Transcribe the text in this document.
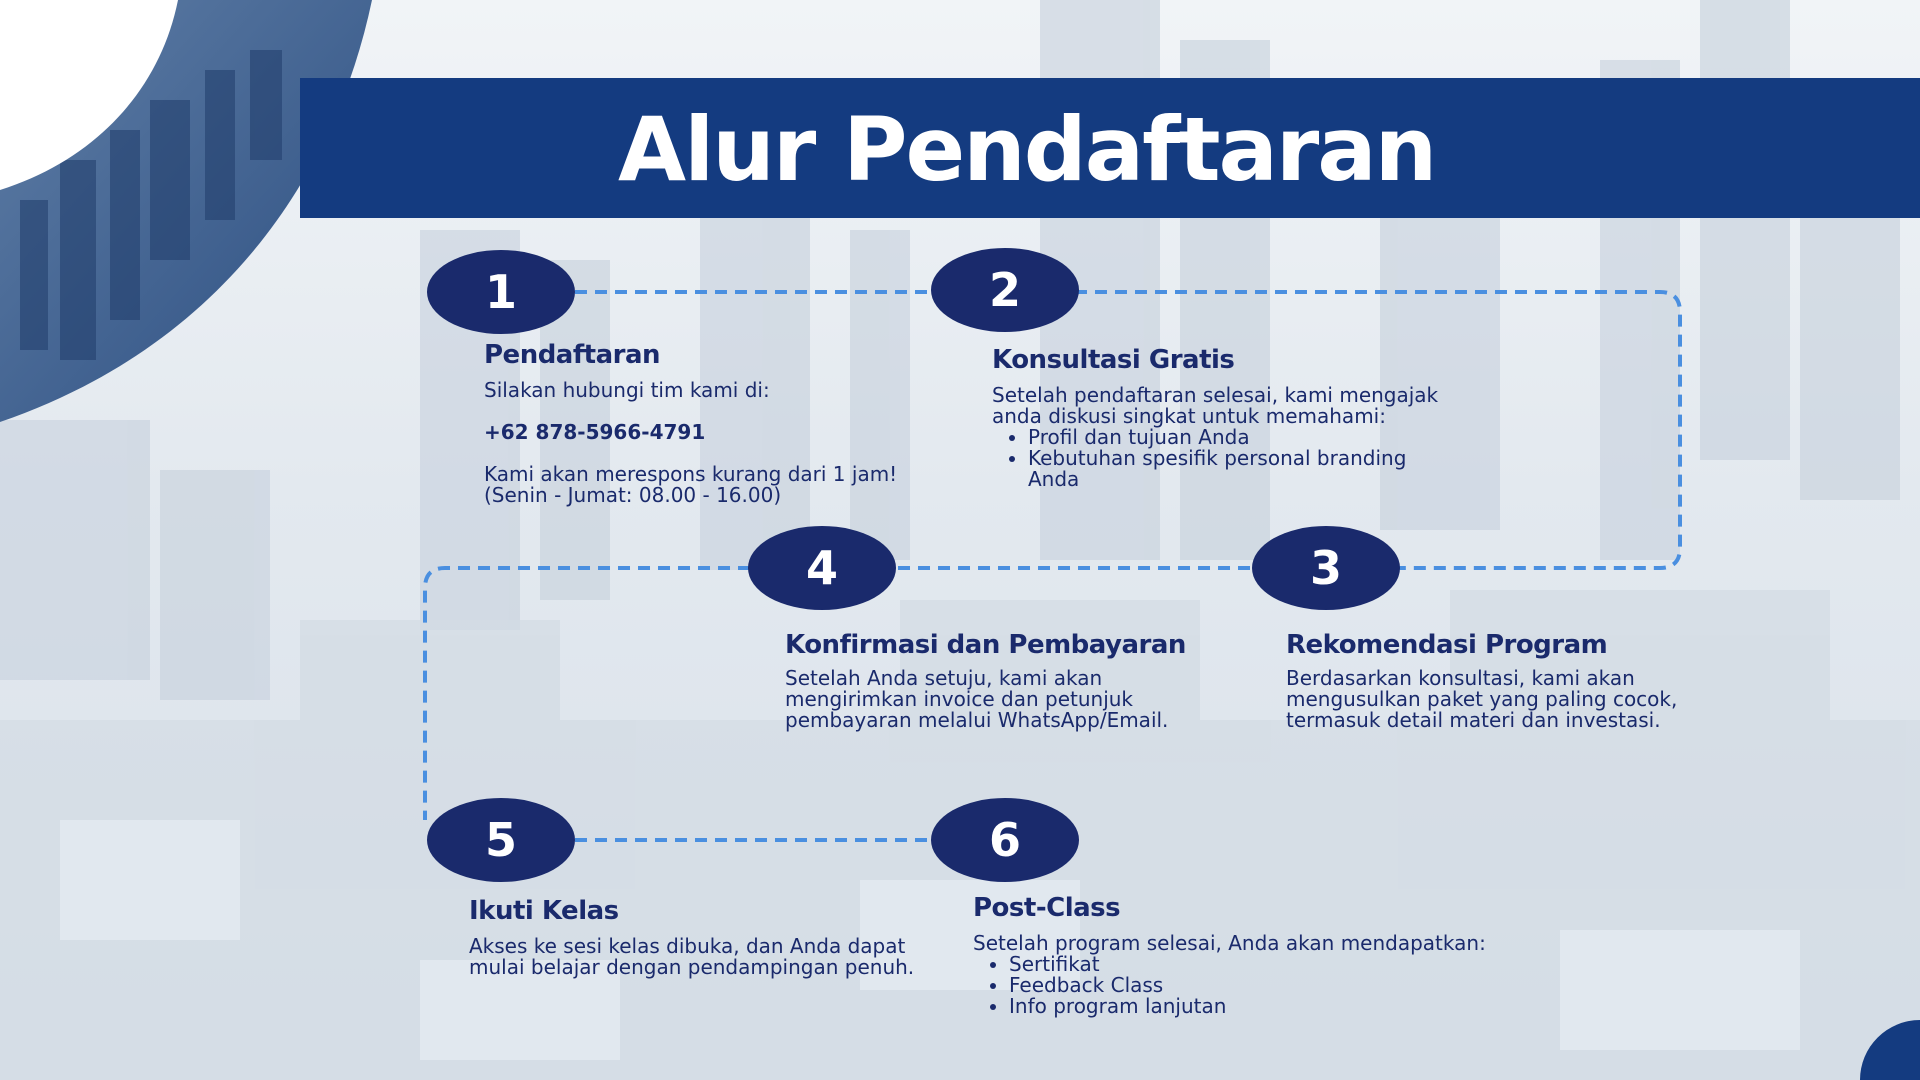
Alur Pendaftaran
1	2
3
4
5	6
Pendaftaran
Silakan hubungi tim kami di:
+62 878-5966-4791
Kami akan merespons kurang dari 1 jam!
(Senin - Jumat: 08.00 - 16.00)
Konsultasi Gratis
Setelah pendaftaran selesai, kami mengajak
anda diskusi singkat untuk memahami:
• Profil dan tujuan Anda
• Kebutuhan spesifik personal branding Anda
Rekomendasi Program
Berdasarkan konsultasi, kami akan
mengusulkan paket yang paling cocok,
termasuk detail materi dan investasi.
Konfirmasi dan Pembayaran
Setelah Anda setuju, kami akan
mengirimkan invoice dan petunjuk
pembayaran melalui WhatsApp/Email.
Ikuti Kelas
Akses ke sesi kelas dibuka, dan Anda dapat
mulai belajar dengan pendampingan penuh.
Post-Class
Setelah program selesai, Anda akan mendapatkan:
• Sertifikat
• Feedback Class
• Info program lanjutan
